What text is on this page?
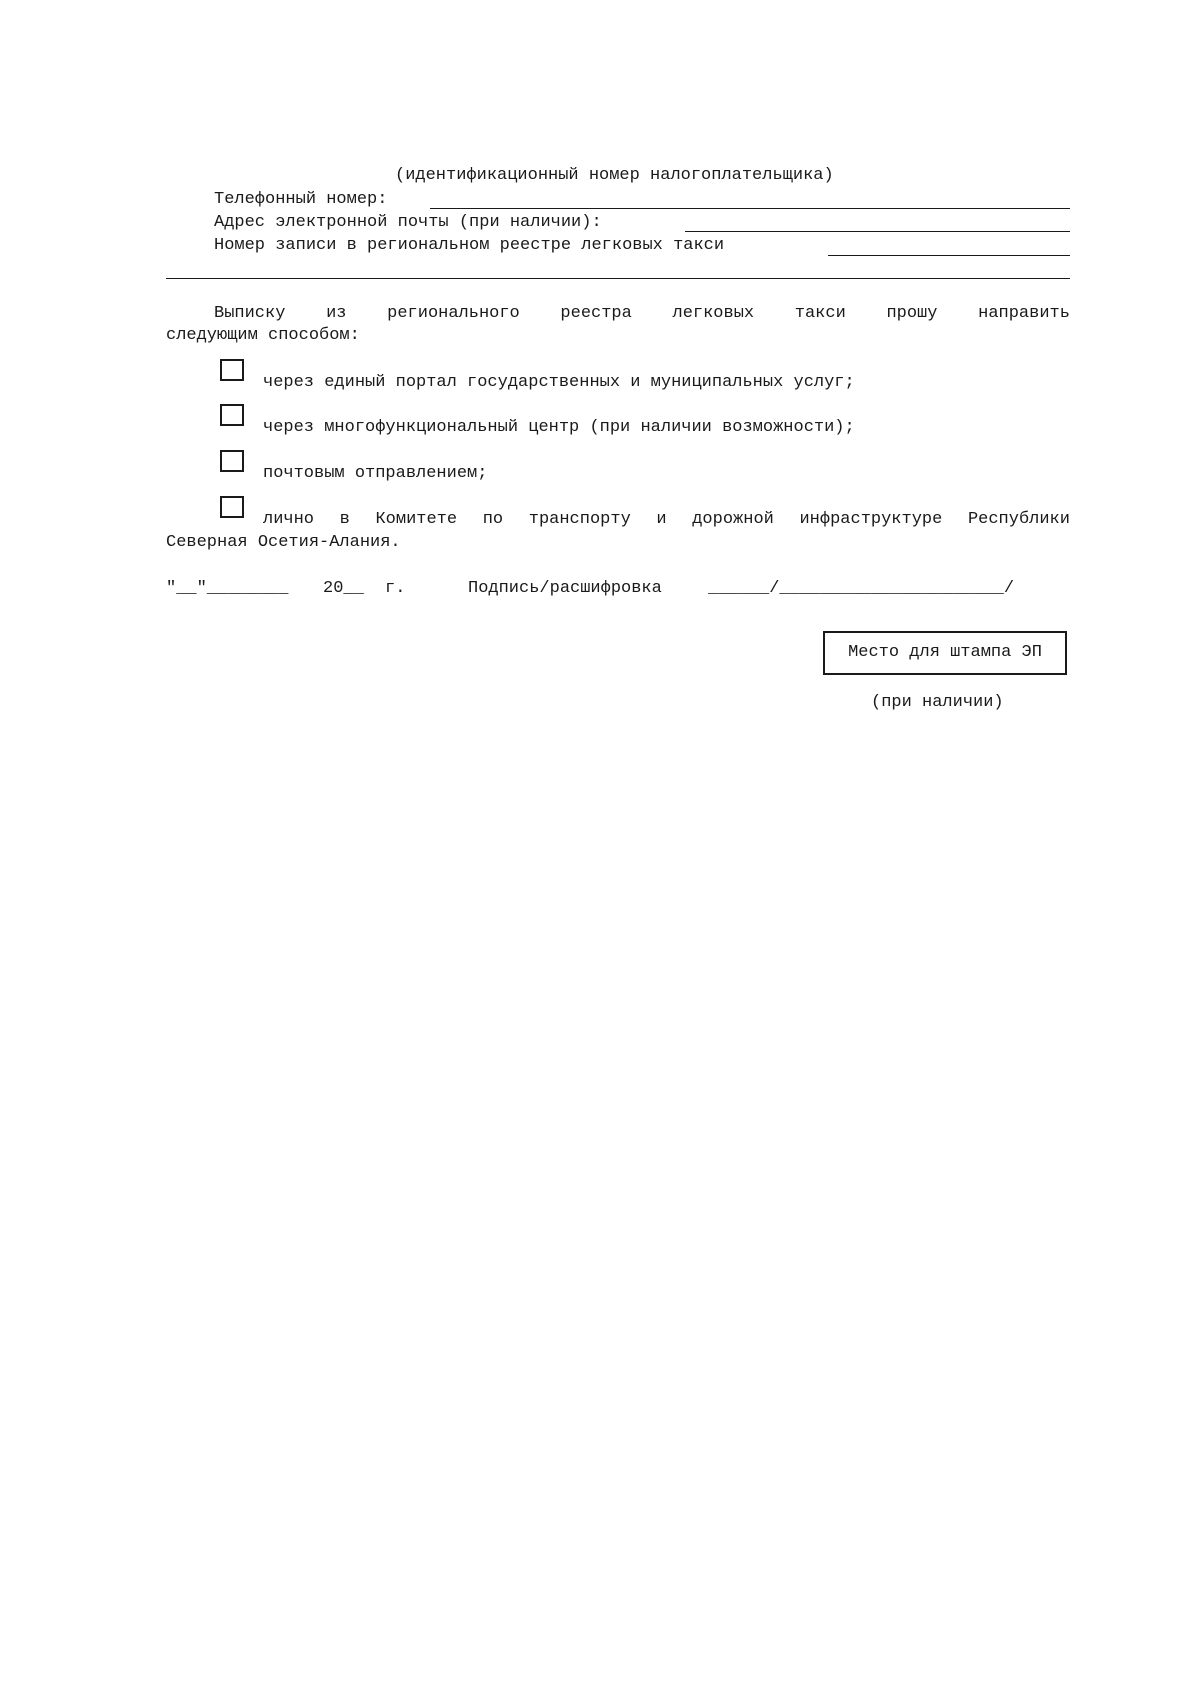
(идентификационный номер налогоплательщика)
Телефонный номер:
Адрес электронной почты (при наличии):
Номер записи в региональном реестре легковых такси
Выписку из регионального реестра легковых такси прошу направить
следующим способом:
через единый портал государственных и муниципальных услуг;
через многофункциональный центр (при наличии возможности);
почтовым отправлением;
лично в Комитете по транспорту и дорожной инфраструктуре Республики
Северная Осетия-Алания.
"__"________ 20__ г.	Подпись/расшифровка	______/______________________/
Место для штампа ЭП
(при наличии)
